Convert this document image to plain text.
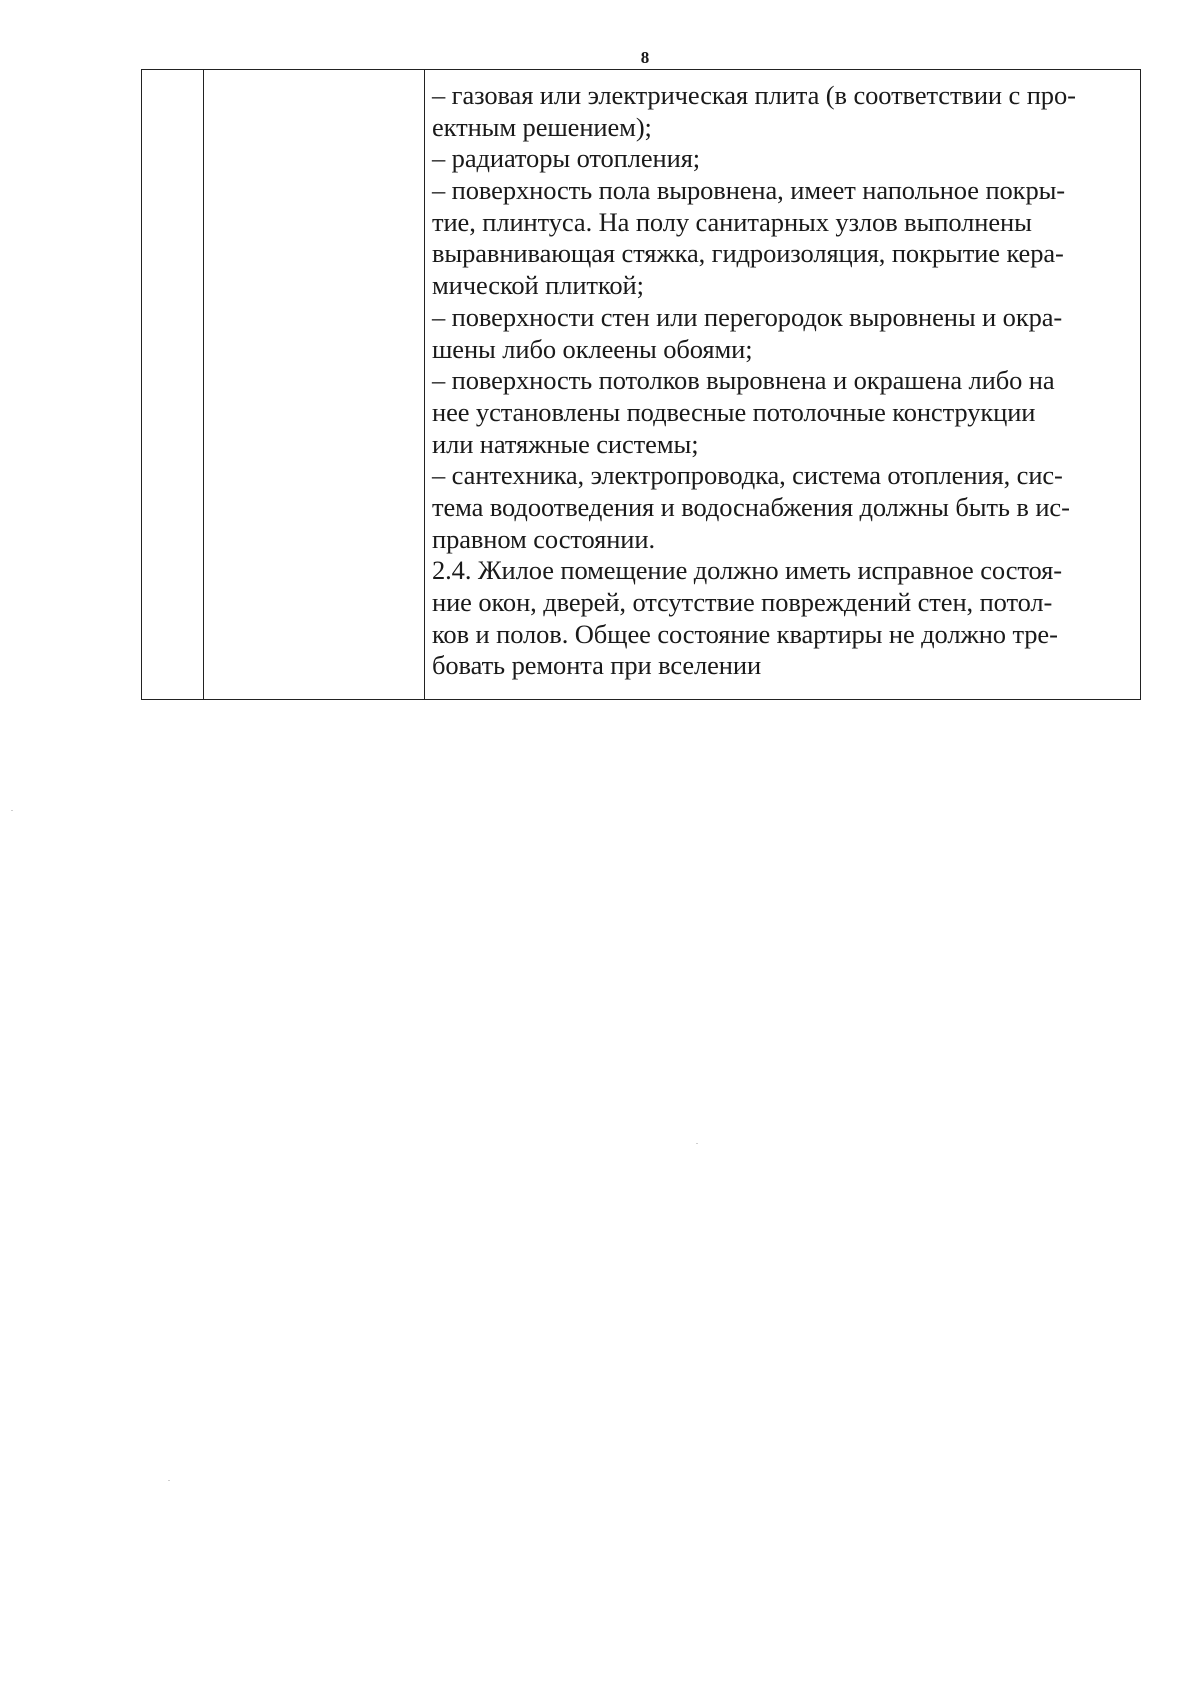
8

– газовая или электрическая плита (в соответствии с про-
ектным решением);
– радиаторы отопления;
– поверхность пола выровнена, имеет напольное покры-
тие, плинтуса. На полу санитарных узлов выполнены
выравнивающая стяжка, гидроизоляция, покрытие кера-
мической плиткой;
– поверхности стен или перегородок выровнены и окра-
шены либо оклеены обоями;
– поверхность потолков выровнена и окрашена либо на
нее установлены подвесные потолочные конструкции
или натяжные системы;
– сантехника, электропроводка, система отопления, сис-
тема водоотведения и водоснабжения должны быть в ис-
правном состоянии.
2.4. Жилое помещение должно иметь исправное состоя-
ние окон, дверей, отсутствие повреждений стен, потол-
ков и полов. Общее состояние квартиры не должно тре-
бовать ремонта при вселении
